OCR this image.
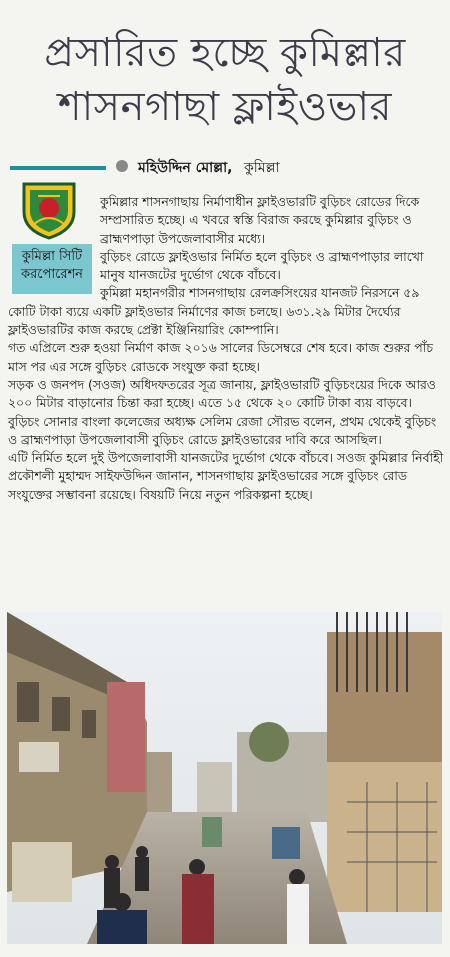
প্রসারিত হচ্ছে কুমিল্লার
শাসনগাছা ফ্লাইওভার
মহিউদ্দিন মোল্লা, কুমিল্লা
কুমিল্লা সিটি
করপোরেশন

কুমিল্লার শাসনগাছায় নির্মাণাধীন ফ্লাইওভারটি বুড়িচং রোডের দিকে সম্প্রসারিত হচ্ছে। এ খবরে স্বস্তি বিরাজ করছে কুমিল্লার বুড়িচং ও ব্রাহ্মণপাড়া উপজেলাবাসীর মধ্যে।

বুড়িচং রোডে ফ্লাইওভার নির্মিত হলে বুড়িচং ও ব্রাহ্মণপাড়ার লাখো মানুষ যানজটের দুর্ভোগ থেকে বাঁচবে।

কুমিল্লা মহানগরীর শাসনগাছায় রেলক্রসিংয়ের যানজট নিরসনে ৫৯ কোটি টাকা ব্যয়ে একটি ফ্লাইওভার নির্মাণের কাজ চলছে। ৬৩১.২৯ মিটার দৈর্ঘ্যের ফ্লাইওভারটির কাজ করছে প্রেক্টা ইঞ্জিনিয়ারিং কোম্পানি।

গত এপ্রিলে শুরু হওয়া নির্মাণ কাজ ২০১৬ সালের ডিসেম্বরে শেষ হবে। কাজ শুরুর পাঁচ মাস পর এর সঙ্গে বুড়িচং রোডকে সংযুক্ত করা হচ্ছে।

সড়ক ও জনপদ (সওজ) অধিদফতরের সূত্র জানায়, ফ্লাইওভারটি বুড়িচংয়ের দিকে আরও ২০০ মিটার বাড়ানোর চিন্তা করা হচ্ছে। এতে ১৫ থেকে ২০ কোটি টাকা ব্যয় বাড়বে।

বুড়িচং সোনার বাংলা কলেজের অধ্যক্ষ সেলিম রেজা সৌরভ বলেন, প্রথম থেকেই বুড়িচং ও ব্রাহ্মণপাড়া উপজেলাবাসী বুড়িচং রোডে ফ্লাইওভারের দাবি করে আসছিল।

এটি নির্মিত হলে দুই উপজেলাবাসী যানজটের দুর্ভোগ থেকে বাঁচবে। সওজ কুমিল্লার নির্বাহী প্রকৌশলী মুহাম্মদ সাইফউদ্দিন জানান, শাসনগাছায় ফ্লাইওভারের সঙ্গে বুড়িচং রোড সংযুক্তের সম্ভাবনা রয়েছে। বিষয়টি নিয়ে নতুন পরিকল্পনা হচ্ছে।
